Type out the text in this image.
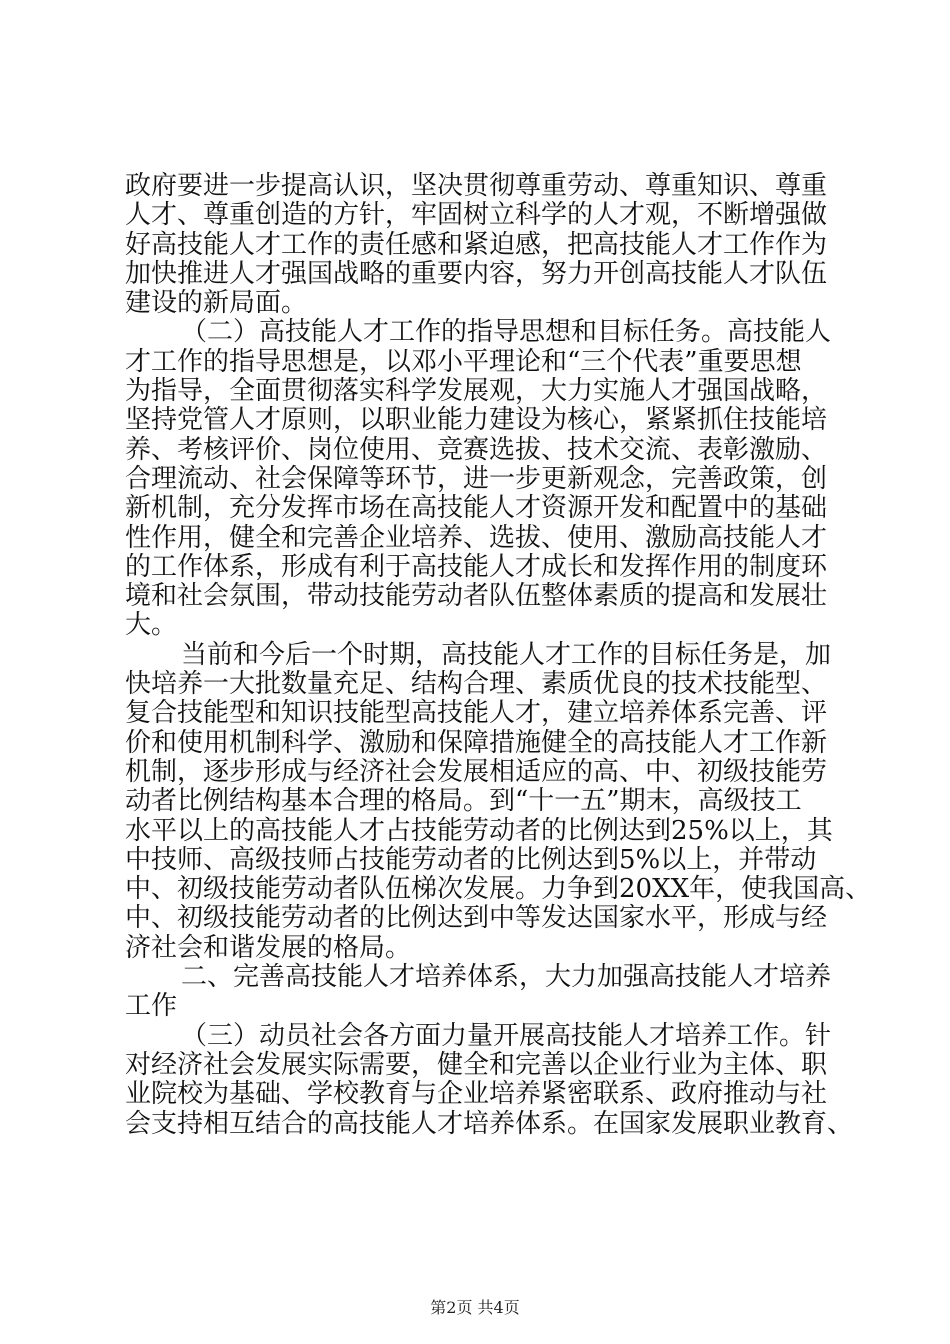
政府要进一步提高认识，坚决贯彻尊重劳动、尊重知识、尊重
人才、尊重创造的方针，牢固树立科学的人才观，不断增强做
好高技能人才工作的责任感和紧迫感，把高技能人才工作作为
加快推进人才强国战略的重要内容，努力开创高技能人才队伍
建设的新局面。
（二）高技能人才工作的指导思想和目标任务。高技能人
才工作的指导思想是，以邓小平理论和“三个代表”重要思想
为指导，全面贯彻落实科学发展观，大力实施人才强国战略，
坚持党管人才原则，以职业能力建设为核心，紧紧抓住技能培
养、考核评价、岗位使用、竞赛选拔、技术交流、表彰激励、
合理流动、社会保障等环节，进一步更新观念，完善政策，创
新机制，充分发挥市场在高技能人才资源开发和配置中的基础
性作用，健全和完善企业培养、选拔、使用、激励高技能人才
的工作体系，形成有利于高技能人才成长和发挥作用的制度环
境和社会氛围，带动技能劳动者队伍整体素质的提高和发展壮
大。
当前和今后一个时期，高技能人才工作的目标任务是，加
快培养一大批数量充足、结构合理、素质优良的技术技能型、
复合技能型和知识技能型高技能人才，建立培养体系完善、评
价和使用机制科学、激励和保障措施健全的高技能人才工作新
机制，逐步形成与经济社会发展相适应的高、中、初级技能劳
动者比例结构基本合理的格局。到“十一五”期末，高级技工
水平以上的高技能人才占技能劳动者的比例达到25%以上，其
中技师、高级技师占技能劳动者的比例达到5%以上，并带动
中、初级技能劳动者队伍梯次发展。力争到20XX年，使我国高、
中、初级技能劳动者的比例达到中等发达国家水平，形成与经
济社会和谐发展的格局。
二、完善高技能人才培养体系，大力加强高技能人才培养
工作
（三）动员社会各方面力量开展高技能人才培养工作。针
对经济社会发展实际需要，健全和完善以企业行业为主体、职
业院校为基础、学校教育与企业培养紧密联系、政府推动与社
会支持相互结合的高技能人才培养体系。在国家发展职业教育、
第2页 共4页
